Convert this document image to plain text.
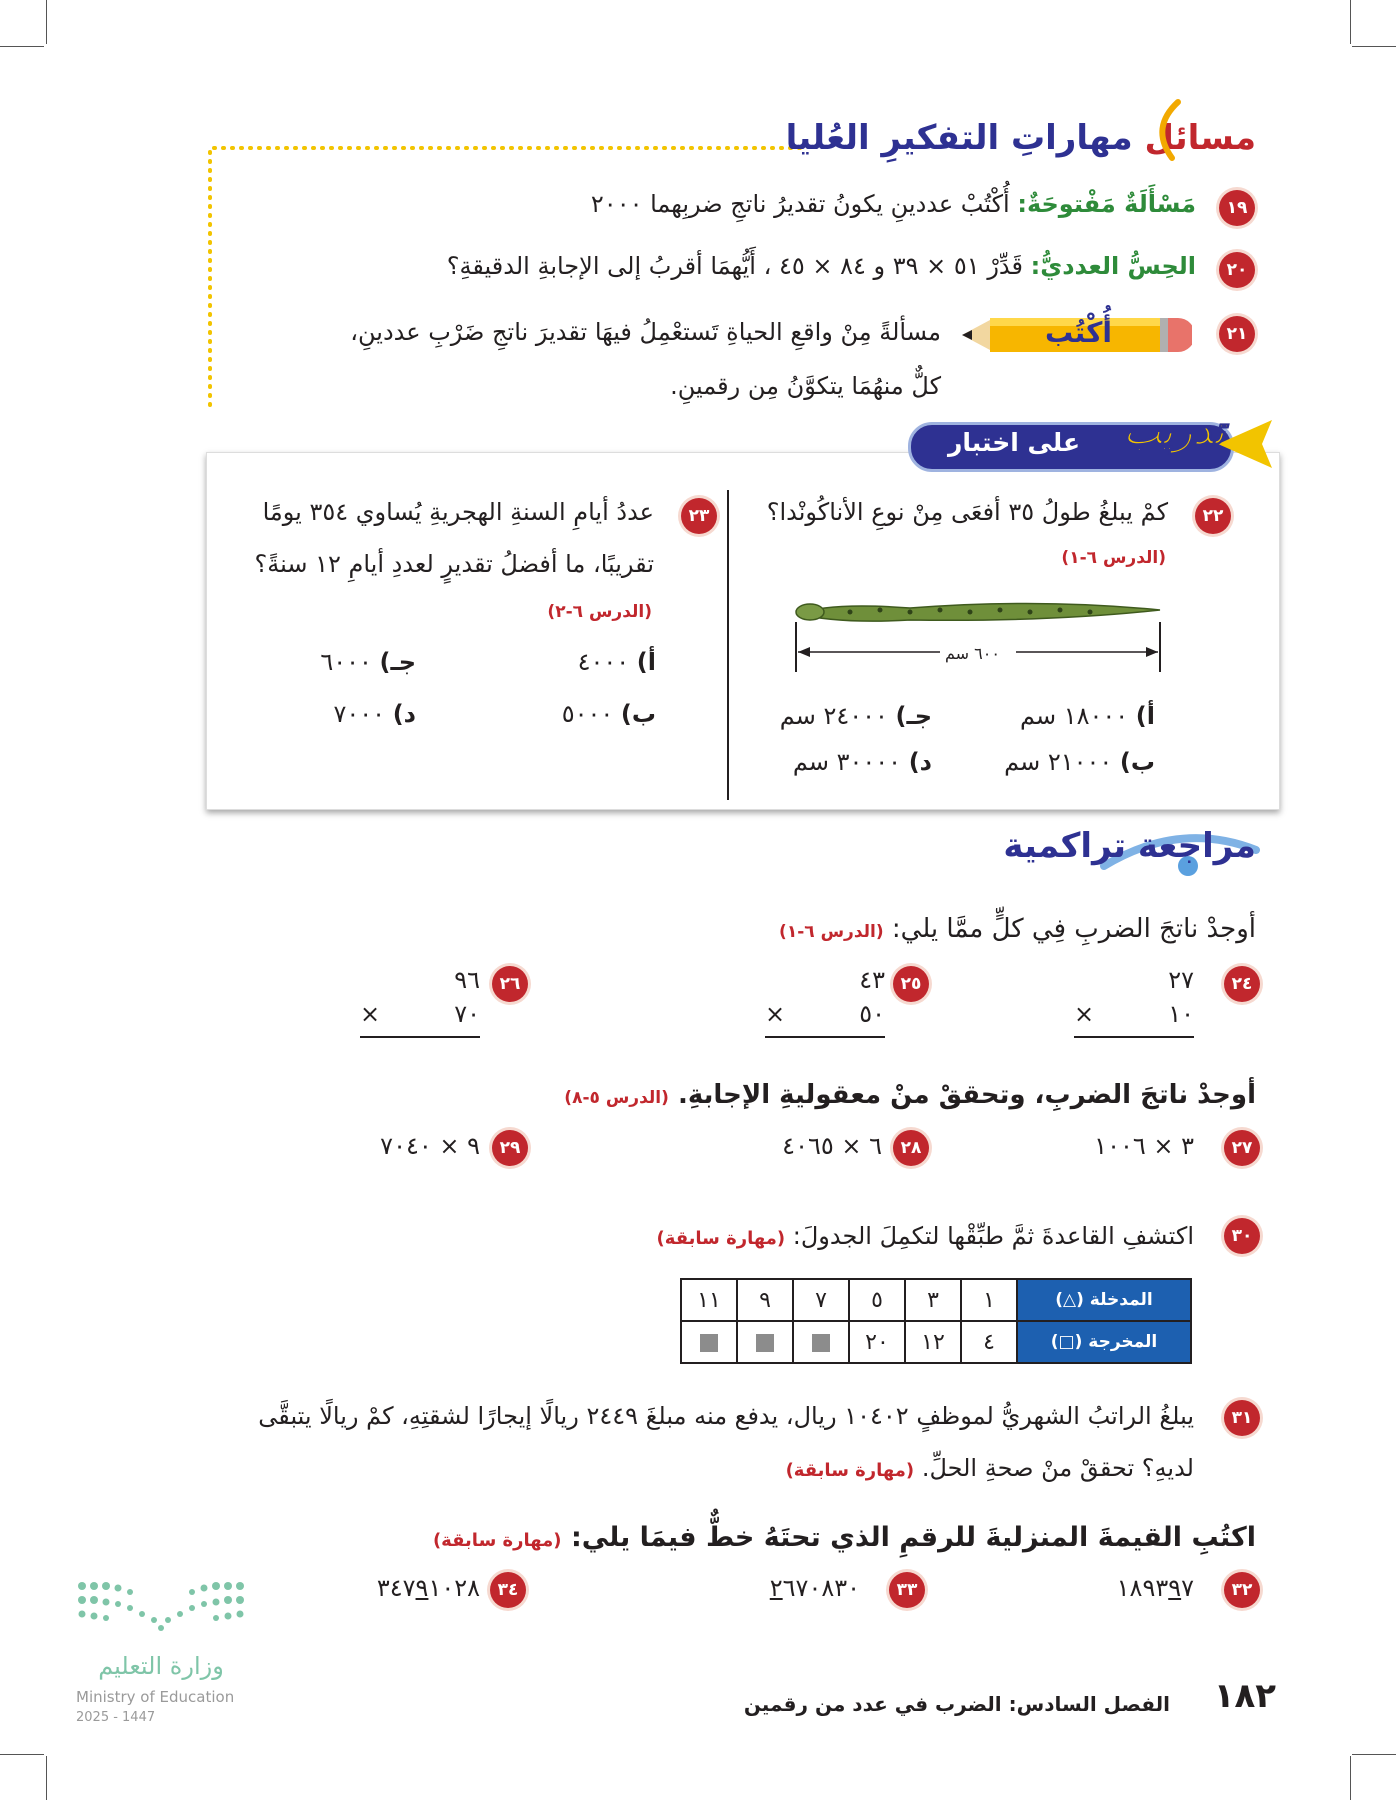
مسائل مهاراتِ التفكيرِ العُليا
١٩
مَسْأَلَةٌ مَفْتوحَةٌ: أُكْتُبْ عددينِ يكونُ تقديرُ ناتجِ ضربِهما ٢٠٠٠
٢٠
الحِسُّ العدديُّ: قَدِّرْ ٥١ × ٣٩ و ٨٤ × ٤٥ ، أَيُّهمَا أقربُ إلى الإجابةِ الدقيقةِ؟
٢١
أُكْتُب
مسألةً مِنْ واقعِ الحياةِ تَستعْمِلُ فيهَا تقديرَ ناتجِ ضَرْبِ عددينِ،
كلٌّ منهُمَا يتكوَّنُ مِن رقمينِ.
على اختبار تدريب
٢٢
كمْ يبلغُ طولُ ٣٥ أفعَى مِنْ نوعِ الأناكُونْدا؟
(الدرس ٦-١)
٦٠٠ سم
أ) ١٨٠٠٠ سم
ب) ٢١٠٠٠ سم
جـ) ٢٤٠٠٠ سم
د) ٣٠٠٠٠ سم
٢٣
عددُ أيامِ السنةِ الهجريةِ يُساوي ٣٥٤ يومًا
تقريبًا، ما أفضلُ تقديرٍ لعددِ أيامِ ١٢ سنةً؟
(الدرس ٦-٢)
أ) ٤٠٠٠
ب) ٥٠٠٠
جـ) ٦٠٠٠
د) ٧٠٠٠
مراجعة تراكمية
أوجدْ ناتجَ الضربِ فِي كلٍّ ممَّا يلي: (الدرس ٦-١)
٢٤
٢٧
×	١٠
٢٥
٤٣
×	٥٠
٢٦
٩٦
×	٧٠
أوجدْ ناتجَ الضربِ، وتحققْ منْ معقوليةِ الإجابةِ. (الدرس ٥-٨)
٢٧
٣ × ١٠٠٦
٢٨
٦ × ٤٠٦٥
٢٩
٩ × ٧٠٤٠
٣٠
اكتشفِ القاعدةَ ثمَّ طبِّقْها لتكمِلَ الجدولَ: (مهارة سابقة)
المدخلة (△)	١	٣	٥	٧	٩	١١
المخرجة (□)	٤	١٢	٢٠			
٣١
يبلغُ الراتبُ الشهريُّ لموظفٍ ١٠٤٠٢ ريال، يدفع منه مبلغَ ٢٤٤٩ ريالًا إيجارًا لشقتِهِ، كمْ ريالًا يتبقَّى
لديهِ؟ تحققْ منْ صحةِ الحلِّ. (مهارة سابقة)
اكتُبِ القيمةَ المنزليةَ للرقمِ الذي تحتَهُ خطٌّ فيمَا يلي: (مهارة سابقة)
٣٢
١٨٩٣٩٧
٣٣
٢٦٧٠٨٣٠
٣٤
٣٤٧٩١٠٢٨
وزارة التعليم
Ministry of Education
2025 - 1447
١٨٢
الفصل السادس: الضرب في عدد من رقمين
